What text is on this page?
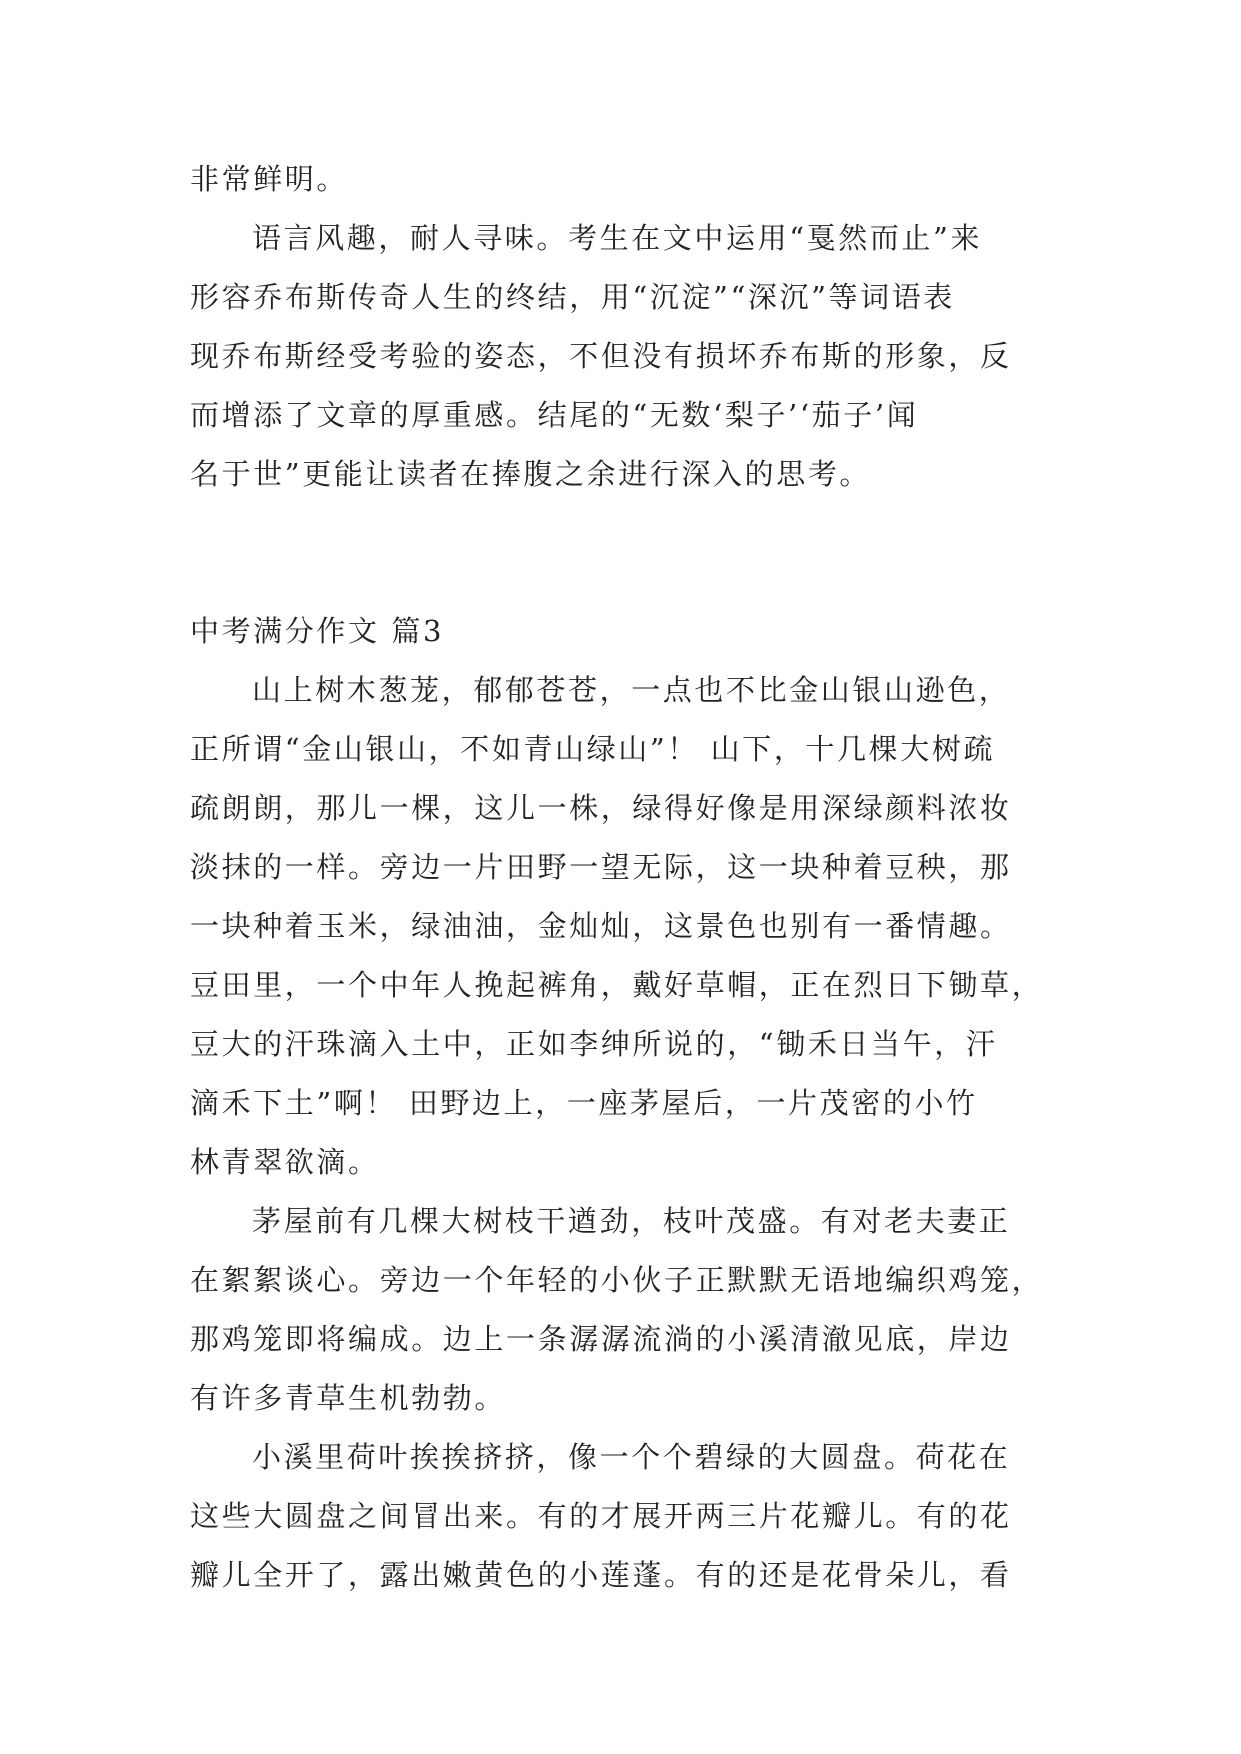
非常鲜明。
语言风趣，耐人寻味。考生在文中运用“戛然而止”来
形容乔布斯传奇人生的终结，用“沉淀”“深沉”等词语表
现乔布斯经受考验的姿态，不但没有损坏乔布斯的形象，反
而增添了文章的厚重感。结尾的“无数‘梨子’‘茄子’闻
名于世”更能让读者在捧腹之余进行深入的思考。
中考满分作文 篇3
山上树木葱茏，郁郁苍苍，一点也不比金山银山逊色，
正所谓“金山银山，不如青山绿山”！ 山下，十几棵大树疏
疏朗朗，那儿一棵，这儿一株，绿得好像是用深绿颜料浓妆
淡抹的一样。旁边一片田野一望无际，这一块种着豆秧，那
一块种着玉米，绿油油，金灿灿，这景色也别有一番情趣。
豆田里，一个中年人挽起裤角，戴好草帽，正在烈日下锄草，
豆大的汗珠滴入土中，正如李绅所说的，“锄禾日当午，汗
滴禾下土”啊！ 田野边上，一座茅屋后，一片茂密的小竹
林青翠欲滴。
茅屋前有几棵大树枝干遒劲，枝叶茂盛。有对老夫妻正
在絮絮谈心。旁边一个年轻的小伙子正默默无语地编织鸡笼，
那鸡笼即将编成。边上一条潺潺流淌的小溪清澈见底，岸边
有许多青草生机勃勃。
小溪里荷叶挨挨挤挤，像一个个碧绿的大圆盘。荷花在
这些大圆盘之间冒出来。有的才展开两三片花瓣儿。有的花
瓣儿全开了，露出嫩黄色的小莲蓬。有的还是花骨朵儿，看
